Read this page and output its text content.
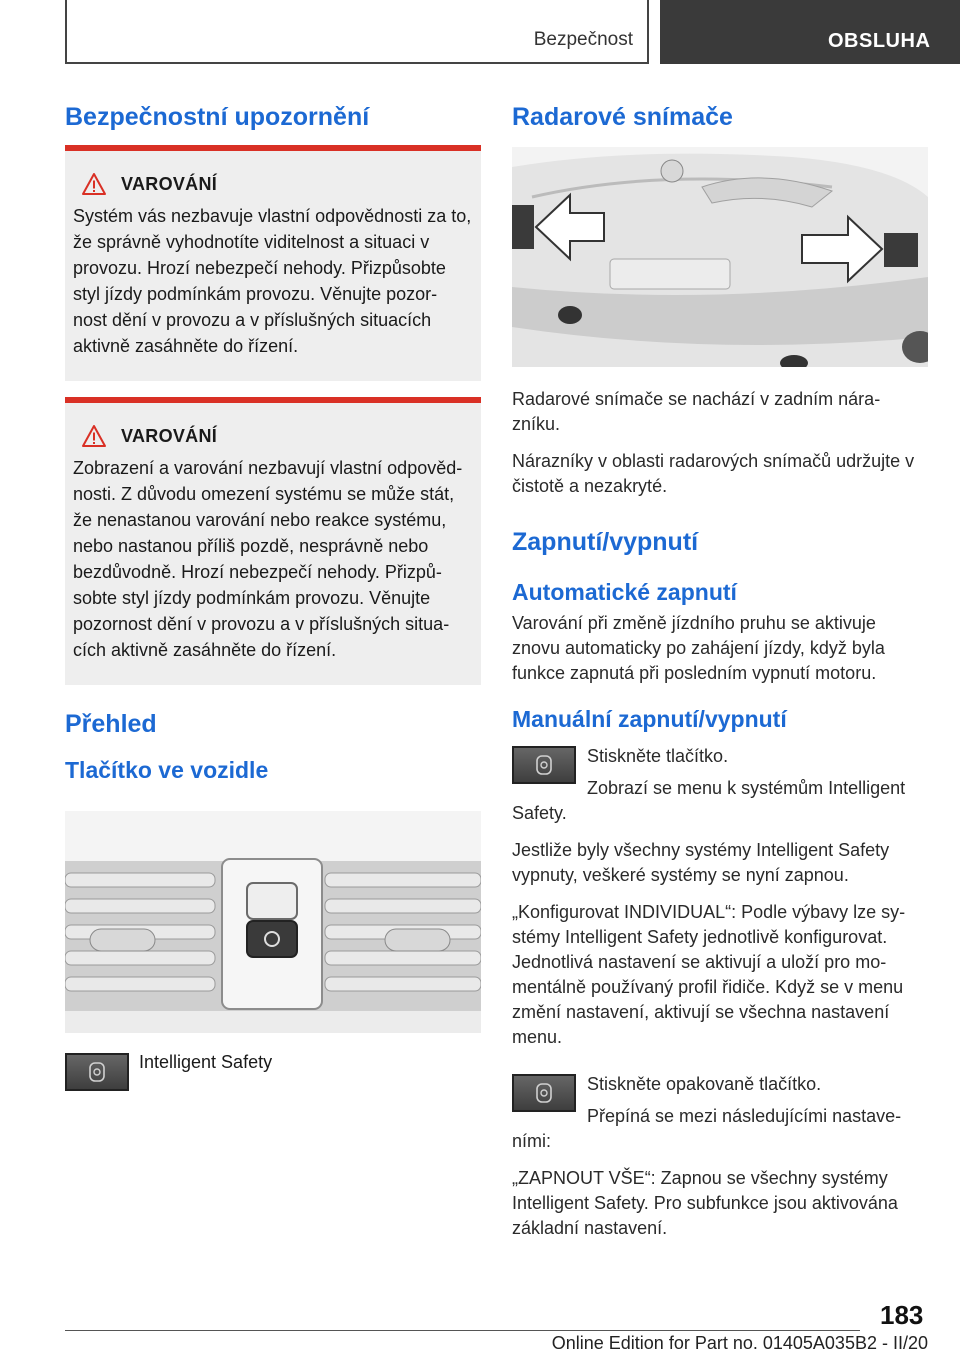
Bezpečnost	OBSLUHA
Bezpečnostní upozornění
VAROVÁNÍ

Systém vás nezbavuje vlastní odpovědnosti za to, že správně vyhodnotíte viditelnost a situaci v provozu. Hrozí nebezpečí nehody. Přizpůsobte styl jízdy podmínkám provozu. Věnujte pozor- nost dění v provozu a v příslušných situacích aktivně zasáhněte do řízení.

VAROVÁNÍ

Zobrazení a varování nezbavují vlastní odpověd- nosti. Z důvodu omezení systému se může stát, že nenastanou varování nebo reakce systému, nebo nastanou příliš pozdě, nesprávně nebo bezdůvodně. Hrozí nebezpečí nehody. Přizpů- sobte styl jízdy podmínkám provozu. Věnujte pozornost dění v provozu a v příslušných situa- cích aktivně zasáhněte do řízení.

Přehled
Tlačítko ve vozidle
Intelligent Safety
Radarové snímače

Radarové snímače se nachází v zadním nára- zníku.

Nárazníky v oblasti radarových snímačů udržujte v čistotě a nezakryté.

Zapnutí/vypnutí
Automatické zapnutí

Varování při změně jízdního pruhu se aktivuje znovu automaticky po zahájení jízdy, když byla funkce zapnutá při posledním vypnutí motoru.

Manuální zapnutí/vypnutí

Stiskněte tlačítko.

Zobrazí se menu k systémům Intelligent Safety.

Jestliže byly všechny systémy Intelligent Safety vypnuty, veškeré systémy se nyní zapnou.

„Konfigurovat INDIVIDUAL“: Podle výbavy lze sy- stémy Intelligent Safety jednotlivě konfigurovat. Jednotlivá nastavení se aktivují a uloží pro mo- mentálně používaný profil řidiče. Když se v menu změní nastavení, aktivují se všechna nastavení menu.

Stiskněte opakovaně tlačítko.

Přepíná se mezi následujícími nastave- ními:

„ZAPNOUT VŠE“: Zapnou se všechny systémy Intelligent Safety. Pro subfunkce jsou aktivována základní nastavení.

183
Online Edition for Part no. 01405A035B2 - II/20
